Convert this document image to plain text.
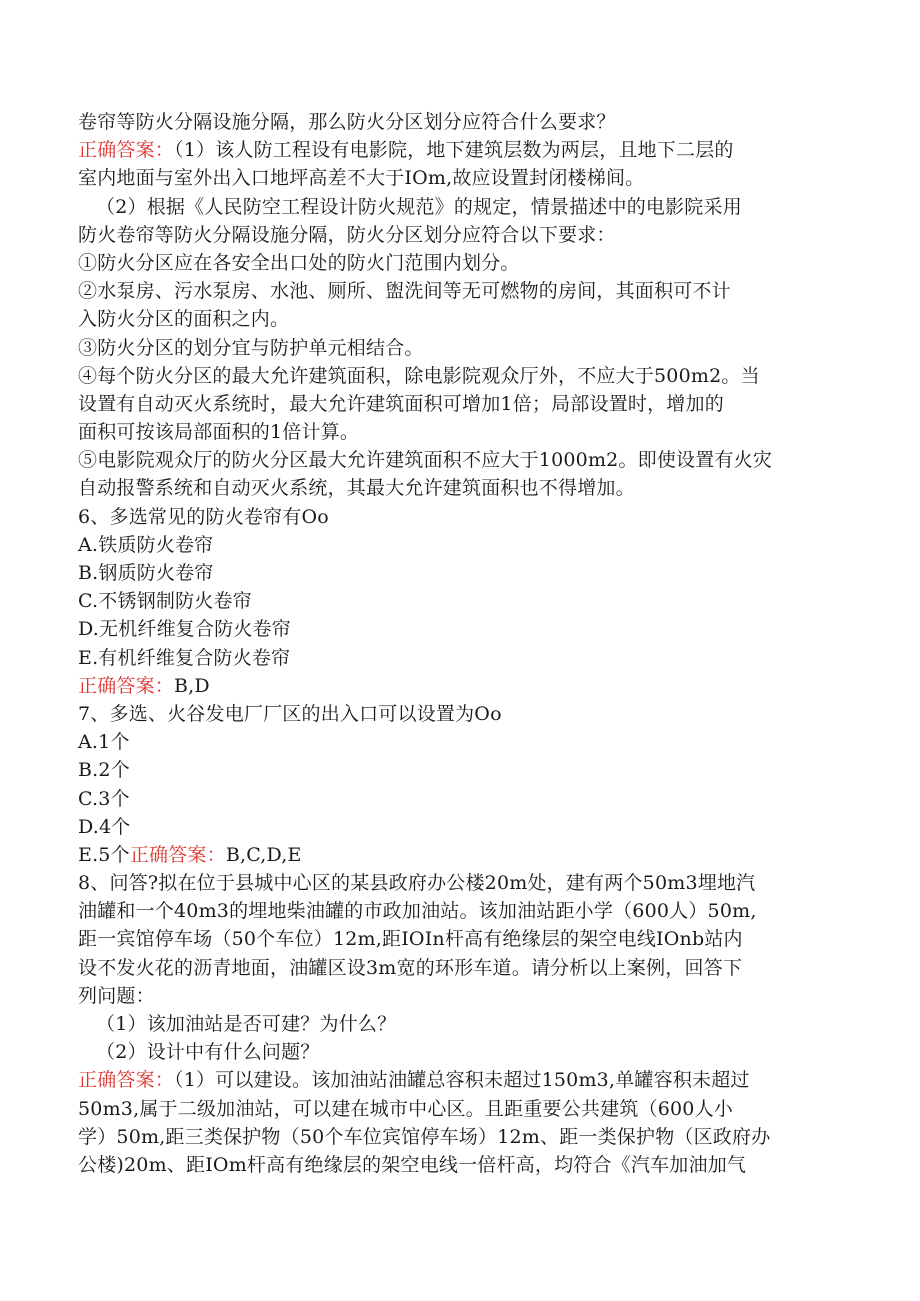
卷帘等防火分隔设施分隔，那么防火分区划分应符合什么要求？
正确答案：（1）该人防工程设有电影院，地下建筑层数为两层，且地下二层的
室内地面与室外出入口地坪高差不大于IOm,故应设置封闭楼梯间。
（2）根据《人民防空工程设计防火规范》的规定，情景描述中的电影院采用
防火卷帘等防火分隔设施分隔，防火分区划分应符合以下要求：
①防火分区应在各安全出口处的防火门范围内划分。
②水泵房、污水泵房、水池、厕所、盥洗间等无可燃物的房间，其面积可不计
入防火分区的面积之内。
③防火分区的划分宜与防护单元相结合。
④每个防火分区的最大允许建筑面积，除电影院观众厅外，不应大于500m2。当
设置有自动灭火系统时，最大允许建筑面积可增加1倍；局部设置时，增加的
面积可按该局部面积的1倍计算。
⑤电影院观众厅的防火分区最大允许建筑面积不应大于1000m2。即使设置有火灾
自动报警系统和自动灭火系统，其最大允许建筑面积也不得增加。
6、多选常见的防火卷帘有Oo
A.铁质防火卷帘
B.钢质防火卷帘
C.不锈钢制防火卷帘
D.无机纤维复合防火卷帘
E.有机纤维复合防火卷帘
正确答案：B,D
7、多选、火谷发电厂厂区的出入口可以设置为Oo
A.1个
B.2个
C.3个
D.4个
E.5个正确答案：B,C,D,E
8、问答?拟在位于县城中心区的某县政府办公楼20m处，建有两个50m3埋地汽
油罐和一个40m3的埋地柴油罐的市政加油站。该加油站距小学（600人）50m,
距一宾馆停车场（50个车位）12m,距IOIn杆高有绝缘层的架空电线IOnb站内
设不发火花的沥青地面，油罐区设3m宽的环形车道。请分析以上案例，回答下
列问题：
（1）该加油站是否可建？为什么？
（2）设计中有什么问题？
正确答案：（1）可以建设。该加油站油罐总容积未超过150m3,单罐容积未超过
50m3,属于二级加油站，可以建在城市中心区。且距重要公共建筑（600人小
学）50m,距三类保护物（50个车位宾馆停车场）12m、距一类保护物（区政府办
公楼)20m、距IOm杆高有绝缘层的架空电线一倍杆高，均符合《汽车加油加气
